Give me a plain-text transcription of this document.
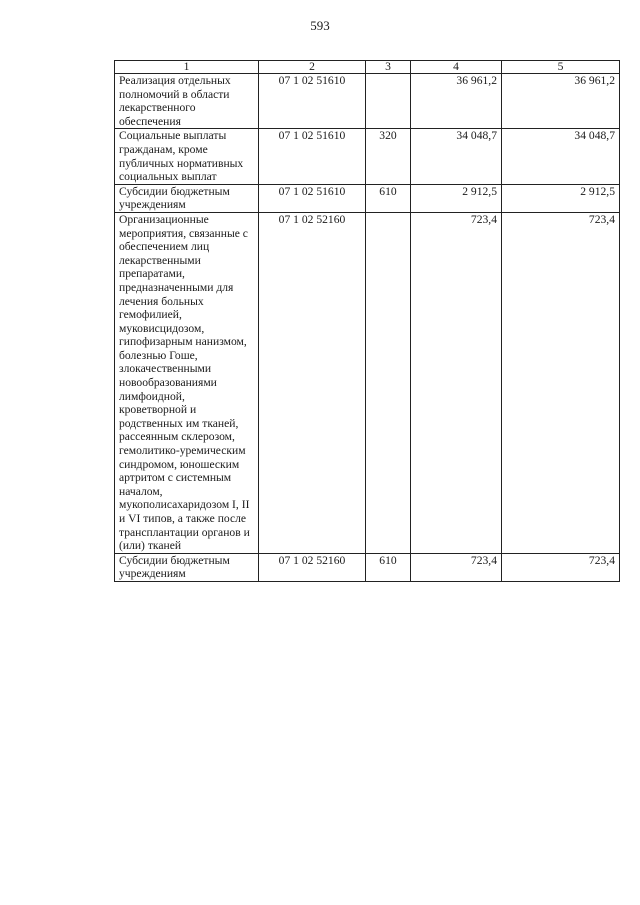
593
1	2	3	4	5
Реализация отдельных полномочий в области лекарственного обеспечения	07 1 02 51610		36 961,2	36 961,2
Социальные выплаты гражданам, кроме публичных нормативных социальных выплат	07 1 02 51610	320	34 048,7	34 048,7
Субсидии бюджетным учреждениям	07 1 02 51610	610	2 912,5	2 912,5
Организационные мероприятия, связанные с обеспечением лиц лекарственными препаратами, предназначенными для лечения больных гемофилией, муковисцидозом, гипофизарным нанизмом, болезнью Гоше, злокачественными новообразованиями лимфоидной, кроветворной и родственных им тканей, рассеянным склерозом, гемолитико-уремическим синдромом, юношеским артритом с системным началом, мукополисахаридозом I, II и VI типов, а также после трансплантации органов и (или) тканей	07 1 02 52160		723,4	723,4
Субсидии бюджетным учреждениям	07 1 02 52160	610	723,4	723,4
